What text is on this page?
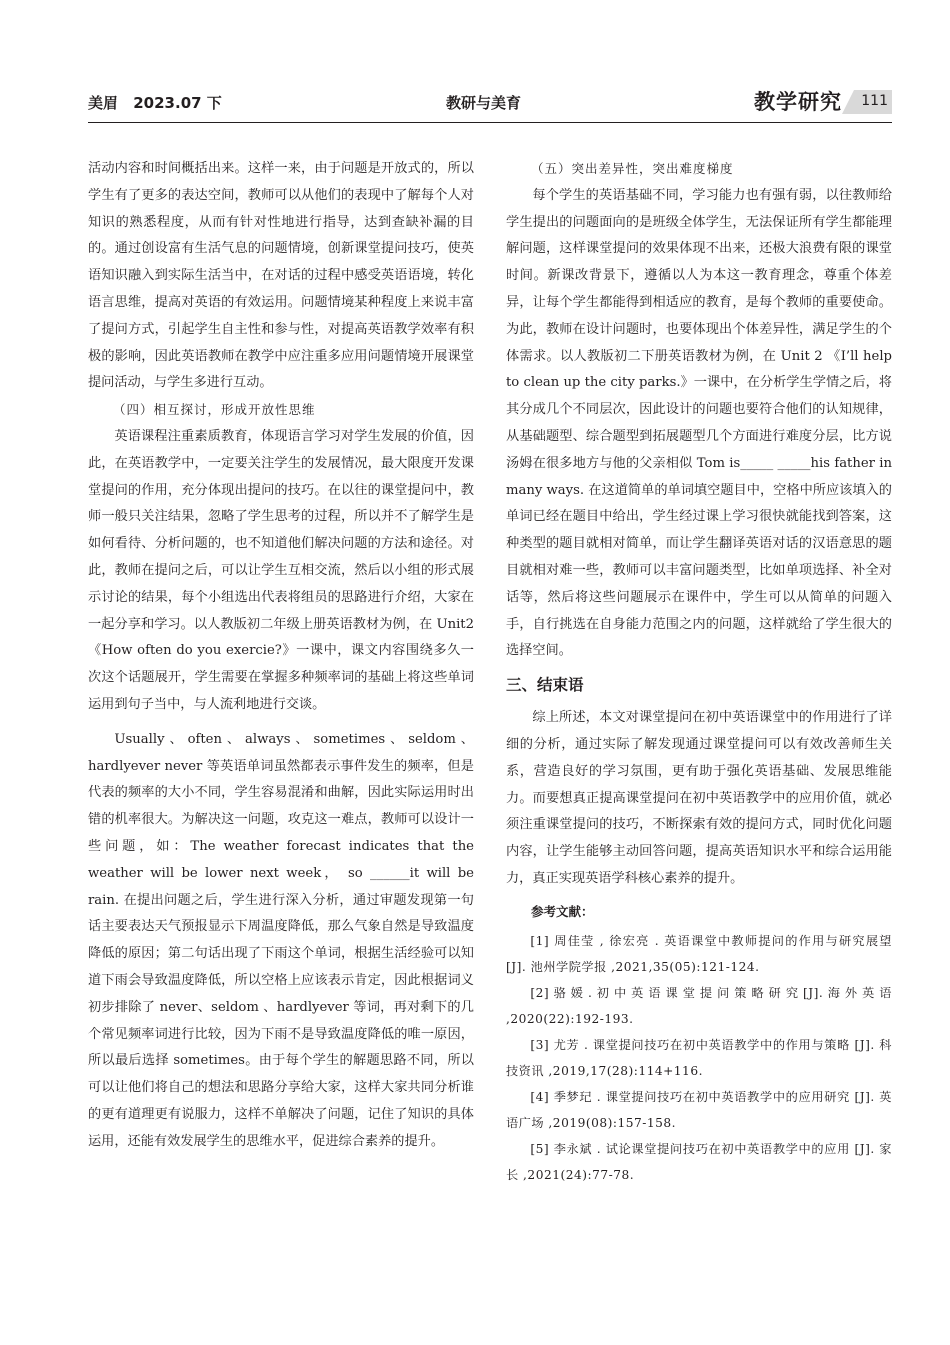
美眉 2023.07 下	教研与美育	教学研究 111

活动内容和时间概括出来。这样一来，由于问题是开放式的，所以学生有了更多的表达空间，教师可以从他们的表现中了解每个人对知识的熟悉程度，从而有针对性地进行指导，达到查缺补漏的目的。通过创设富有生活气息的问题情境，创新课堂提问技巧，使英语知识融入到实际生活当中，在对话的过程中感受英语语境，转化语言思维，提高对英语的有效运用。问题情境某种程度上来说丰富了提问方式，引起学生自主性和参与性，对提高英语教学效率有积极的影响，因此英语教师在教学中应注重多应用问题情境开展课堂提问活动，与学生多进行互动。

（四）相互探讨，形成开放性思维

英语课程注重素质教育，体现语言学习对学生发展的价值，因此，在英语教学中，一定要关注学生的发展情况，最大限度开发课堂提问的作用，充分体现出提问的技巧。在以往的课堂提问中，教师一般只关注结果，忽略了学生思考的过程，所以并不了解学生是如何看待、分析问题的，也不知道他们解决问题的方法和途径。对此，教师在提问之后，可以让学生互相交流，然后以小组的形式展示讨论的结果，每个小组选出代表将组员的思路进行介绍，大家在一起分享和学习。以人教版初二年级上册英语教材为例，在 Unit2《How often do you exercie?》一课中，课文内容围绕多久一次这个话题展开，学生需要在掌握多种频率词的基础上将这些单词运用到句子当中，与人流利地进行交谈。

Usually、often、always、sometimes、seldom、hardlyever never 等英语单词虽然都表示事件发生的频率，但是代表的频率的大小不同，学生容易混淆和曲解，因此实际运用时出错的机率很大。为解决这一问题，攻克这一难点，教师可以设计一些问题，如：The weather forecast indicates that the weather will be lower next week， so ______it will be rain. 在提出问题之后，学生进行深入分析，通过审题发现第一句话主要表达天气预报显示下周温度降低，那么气象自然是导致温度降低的原因；第二句话出现了下雨这个单词，根据生活经验可以知道下雨会导致温度降低，所以空格上应该表示肯定，因此根据词义初步排除了 never、seldom 、hardlyever 等词，再对剩下的几个常见频率词进行比较，因为下雨不是导致温度降低的唯一原因，所以最后选择 sometimes。由于每个学生的解题思路不同，所以可以让他们将自己的想法和思路分享给大家，这样大家共同分析谁的更有道理更有说服力，这样不单解决了问题，记住了知识的具体运用，还能有效发展学生的思维水平，促进综合素养的提升。

（五）突出差异性，突出难度梯度

每个学生的英语基础不同，学习能力也有强有弱，以往教师给学生提出的问题面向的是班级全体学生，无法保证所有学生都能理解问题，这样课堂提问的效果体现不出来，还极大浪费有限的课堂时间。新课改背景下，遵循以人为本这一教育理念，尊重个体差异，让每个学生都能得到相适应的教育，是每个教师的重要使命。为此，教师在设计问题时，也要体现出个体差异性，满足学生的个体需求。以人教版初二下册英语教材为例，在 Unit 2 《I’ll help to clean up the city parks.》一课中，在分析学生学情之后，将其分成几个不同层次，因此设计的问题也要符合他们的认知规律，从基础题型、综合题型到拓展题型几个方面进行难度分层，比方说汤姆在很多地方与他的父亲相似 Tom is_____ _____his father in many ways. 在这道简单的单词填空题目中，空格中所应该填入的单词已经在题目中给出，学生经过课上学习很快就能找到答案，这种类型的题目就相对简单，而让学生翻译英语对话的汉语意思的题目就相对难一些，教师可以丰富问题类型，比如单项选择、补全对话等，然后将这些问题展示在课件中，学生可以从简单的问题入手，自行挑选在自身能力范围之内的问题，这样就给了学生很大的选择空间。

三、结束语

综上所述，本文对课堂提问在初中英语课堂中的作用进行了详细的分析，通过实际了解发现通过课堂提问可以有效改善师生关系，营造良好的学习氛围，更有助于强化英语基础、发展思维能力。而要想真正提高课堂提问在初中英语教学中的应用价值，就必须注重课堂提问的技巧，不断探索有效的提问方式，同时优化问题内容，让学生能够主动回答问题，提高英语知识水平和综合运用能力，真正实现英语学科核心素养的提升。

参考文献：

[1] 周佳莹 , 徐宏亮 . 英语课堂中教师提问的作用与研究展望 [J]. 池州学院学报 ,2021,35(05):121-124.

[2] 骆 媛 . 初 中 英 语 课 堂 提 问 策 略 研 究 [J]. 海 外 英 语 ,2020(22):192-193.

[3] 尤芳 . 课堂提问技巧在初中英语教学中的作用与策略 [J]. 科技资讯 ,2019,17(28):114+116.

[4] 季梦玘 . 课堂提问技巧在初中英语教学中的应用研究 [J]. 英语广场 ,2019(08):157-158.

[5] 李永斌 . 试论课堂提问技巧在初中英语教学中的应用 [J]. 家长 ,2021(24):77-78.
